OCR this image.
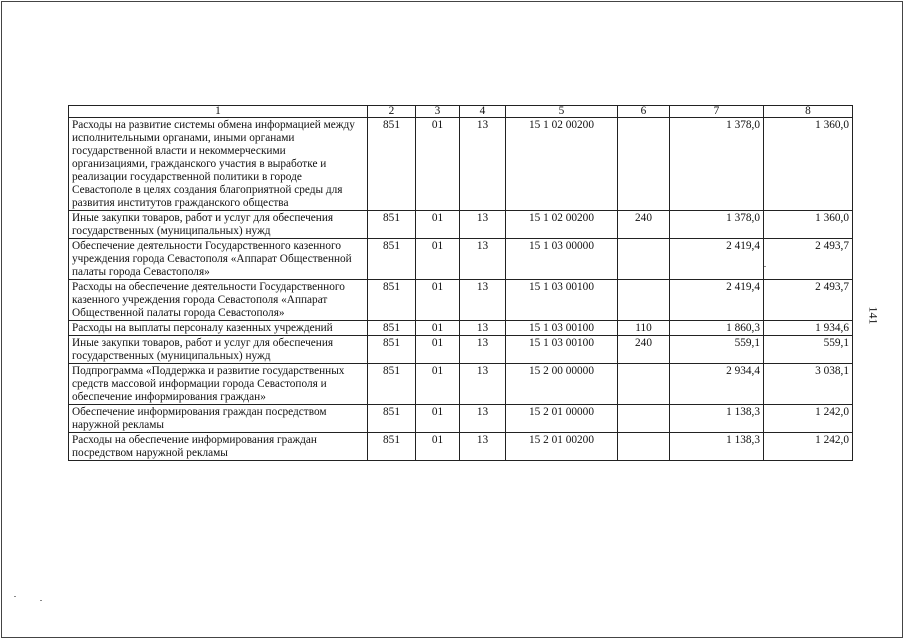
141
1	2	3	4	5	6	7	8
Расходы на развитие системы обмена информацией между исполнительными органами, иными органами государственной власти и некоммерческими организациями, гражданского участия в выработке и реализации государственной политики в городе Севастополе в целях создания благоприятной среды для развития институтов гражданского общества	851	01	13	15 1 02 00200		1 378,0	1 360,0
Иные закупки товаров, работ и услуг для обеспечения государственных (муниципальных) нужд	851	01	13	15 1 02 00200	240	1 378,0	1 360,0
Обеспечение деятельности Государственного казенного учреждения города Севастополя «Аппарат Общественной палаты города Севастополя»	851	01	13	15 1 03 00000		2 419,4	2 493,7
Расходы на обеспечение деятельности Государственного казенного учреждения города Севастополя «Аппарат Общественной палаты города Севастополя»	851	01	13	15 1 03 00100		2 419,4	2 493,7
Расходы на выплаты персоналу казенных учреждений	851	01	13	15 1 03 00100	110	1 860,3	1 934,6
Иные закупки товаров, работ и услуг для обеспечения государственных (муниципальных) нужд	851	01	13	15 1 03 00100	240	559,1	559,1
Подпрограмма «Поддержка и развитие государственных средств массовой информации города Севастополя и обеспечение информирования граждан»	851	01	13	15 2 00 00000		2 934,4	3 038,1
Обеспечение информирования граждан посредством наружной рекламы	851	01	13	15 2 01 00000		1 138,3	1 242,0
Расходы на обеспечение информирования граждан посредством наружной рекламы	851	01	13	15 2 01 00200		1 138,3	1 242,0
